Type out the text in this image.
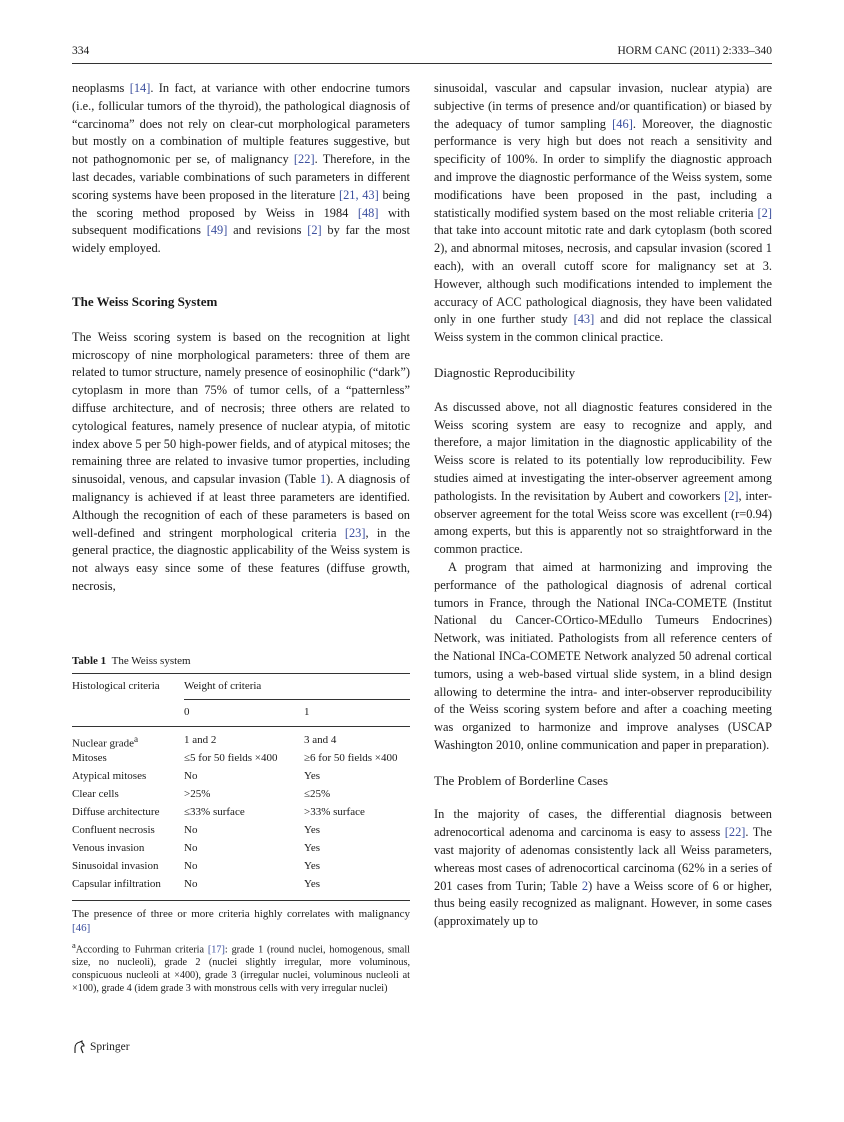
334	HORM CANC (2011) 2:333–340

neoplasms [14]. In fact, at variance with other endocrine tumors (i.e., follicular tumors of the thyroid), the pathological diagnosis of “carcinoma” does not rely on clear-cut morphological parameters but mostly on a combination of multiple features suggestive, but not pathognomonic per se, of malignancy [22]. Therefore, in the last decades, variable combinations of such parameters in different scoring systems have been proposed in the literature [21, 43] being the scoring method proposed by Weiss in 1984 [48] with subsequent modifications [49] and revisions [2] by far the most widely employed.

The Weiss Scoring System

The Weiss scoring system is based on the recognition at light microscopy of nine morphological parameters: three of them are related to tumor structure, namely presence of eosinophilic (“dark”) cytoplasm in more than 75% of tumor cells, of a “patternless” diffuse architecture, and of necrosis; three others are related to cytological features, namely presence of nuclear atypia, of mitotic index above 5 per 50 high-power fields, and of atypical mitoses; the remaining three are related to invasive tumor properties, including sinusoidal, venous, and capsular invasion (Table 1). A diagnosis of malignancy is achieved if at least three parameters are identified. Although the recognition of each of these parameters is based on well-defined and stringent morphological criteria [23], in the general practice, the diagnostic applicability of the Weiss system is not always easy since some of these features (diffuse growth, necrosis,

Table 1 The Weiss system

Histological criteria	Weight of criteria	
	0	1
Nuclear grade$^a$	1 and 2	3 and 4
Mitoses	≤5 for 50 fields ×400	≥6 for 50 fields ×400
Atypical mitoses	No	Yes
Clear cells	>25%	≤25%
Diffuse architecture	≤33% surface	>33% surface
Confluent necrosis	No	Yes
Venous invasion	No	Yes
Sinusoidal invasion	No	Yes
Capsular infiltration	No	Yes

The presence of three or more criteria highly correlates with malignancy [46]

$^a$According to Fuhrman criteria [17]: grade 1 (round nuclei, homogenous, small size, no nucleoli), grade 2 (nuclei slightly irregular, more voluminous, conspicuous nucleoli at ×400), grade 3 (irregular nuclei, voluminous nucleoli at ×100), grade 4 (idem grade 3 with monstrous cells with very irregular nuclei)

sinusoidal, vascular and capsular invasion, nuclear atypia) are subjective (in terms of presence and/or quantification) or biased by the adequacy of tumor sampling [46]. Moreover, the diagnostic performance is very high but does not reach a sensitivity and specificity of 100%. In order to simplify the diagnostic approach and improve the diagnostic performance of the Weiss system, some modifications have been proposed in the past, including a statistically modified system based on the most reliable criteria [2] that take into account mitotic rate and dark cytoplasm (both scored 2), and abnormal mitoses, necrosis, and capsular invasion (scored 1 each), with an overall cutoff score for malignancy set at 3. However, although such modifications intended to implement the accuracy of ACC pathological diagnosis, they have been validated only in one further study [43] and did not replace the classical Weiss system in the common clinical practice.

Diagnostic Reproducibility

As discussed above, not all diagnostic features considered in the Weiss scoring system are easy to recognize and apply, and therefore, a major limitation in the diagnostic applicability of the Weiss score is related to its potentially low reproducibility. Few studies aimed at investigating the inter-observer agreement among pathologists. In the revisitation by Aubert and coworkers [2], inter-observer agreement for the total Weiss score was excellent (r=0.94) among experts, but this is apparently not so straightforward in the common practice.

A program that aimed at harmonizing and improving the performance of the pathological diagnosis of adrenal cortical tumors in France, through the National INCa-COMETE (Institut National du Cancer-COrtico-MEdullo Tumeurs Endocrines) Network, was initiated. Pathologists from all reference centers of the National INCa-COMETE Network analyzed 50 adrenal cortical tumors, using a web-based virtual slide system, in a blind design allowing to determine the intra- and inter-observer reproducibility of the Weiss scoring system before and after a coaching meeting was organized to harmonize and improve analyses (USCAP Washington 2010, online communication and paper in preparation).

The Problem of Borderline Cases

In the majority of cases, the differential diagnosis between adrenocortical adenoma and carcinoma is easy to assess [22]. The vast majority of adenomas consistently lack all Weiss parameters, whereas most cases of adrenocortical carcinoma (62% in a series of 201 cases from Turin; Table 2) have a Weiss score of 6 or higher, thus being easily recognized as malignant. However, in some cases (approximately up to

Springer
